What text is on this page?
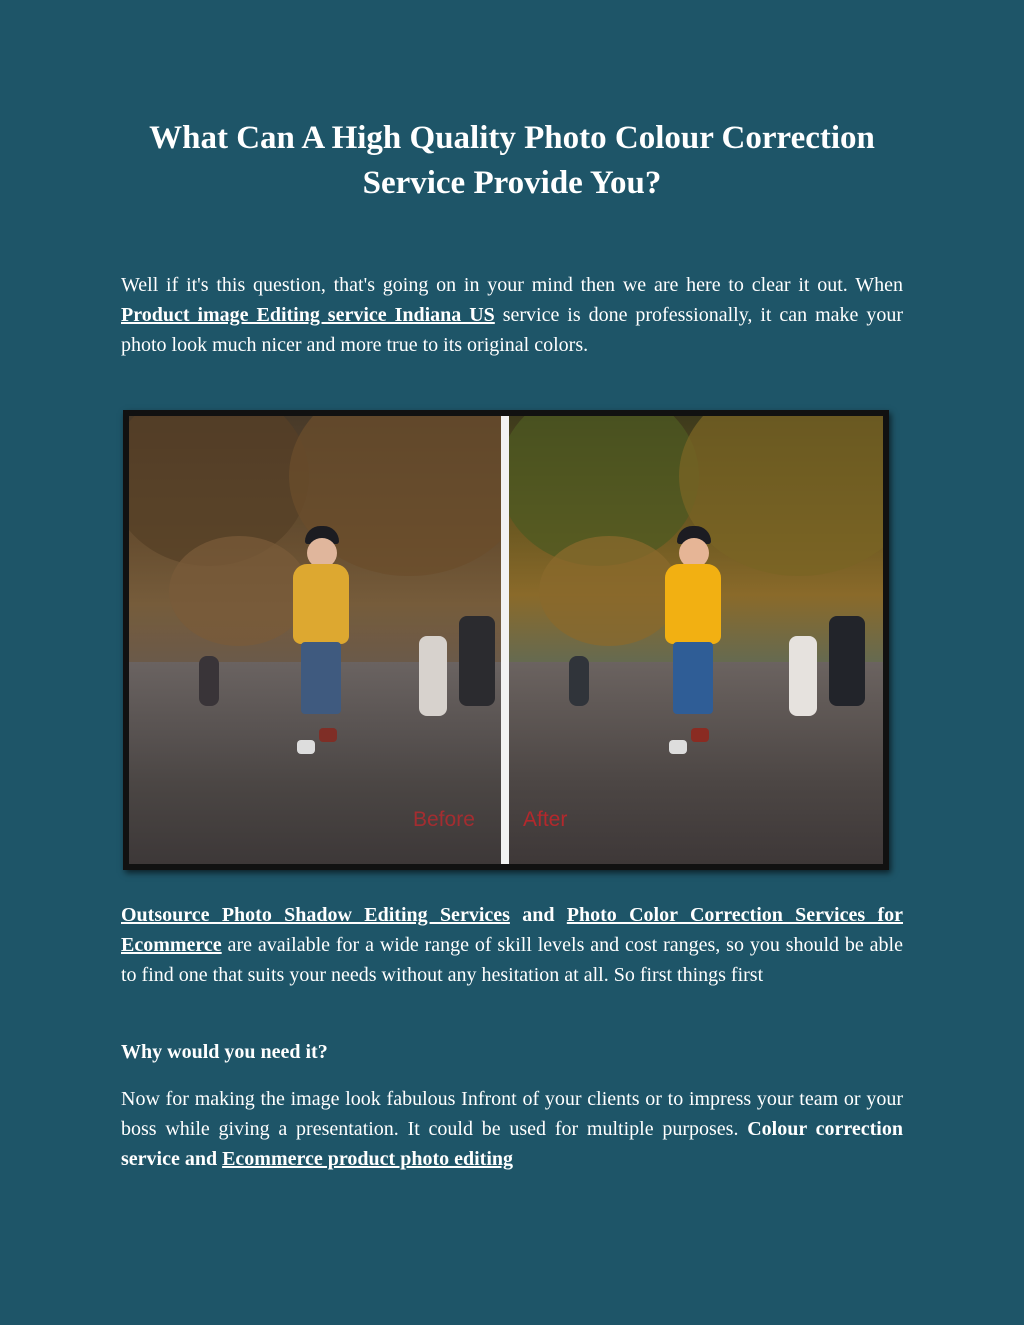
What Can A High Quality Photo Colour Correction Service Provide You?

Well if it's this question, that's going on in your mind then we are here to clear it out. When Product image Editing service Indiana US service is done professionally, it can make your photo look much nicer and more true to its original colors.

Before After

Outsource Photo Shadow Editing Services and Photo Color Correction Services for Ecommerce are available for a wide range of skill levels and cost ranges, so you should be able to find one that suits your needs without any hesitation at all. So first things first

Why would you need it?

Now for making the image look fabulous Infront of your clients or to impress your team or your boss while giving a presentation. It could be used for multiple purposes. Colour correction service and Ecommerce product photo editing
